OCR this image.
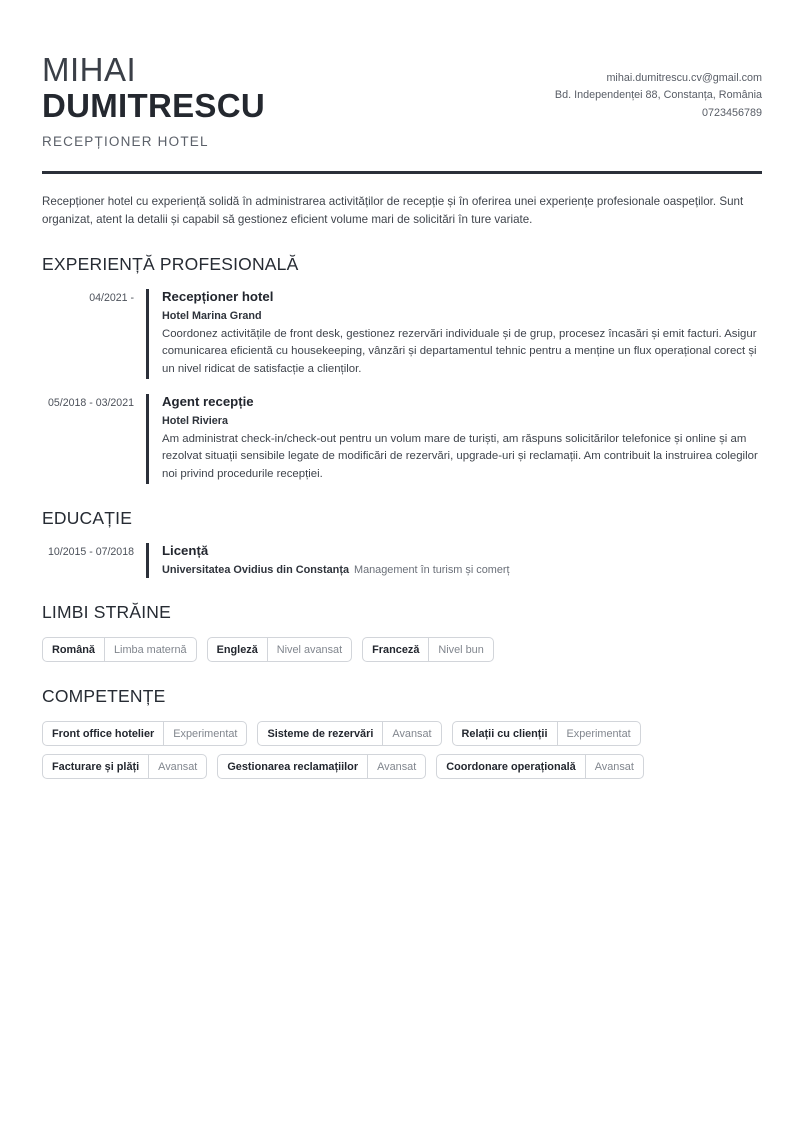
MIHAI
DUMITRESCU
RECEPȚIONER HOTEL
mihai.dumitrescu.cv@gmail.com
Bd. Independenței 88, Constanța, România
0723456789
Recepționer hotel cu experiență solidă în administrarea activităților de recepție și în oferirea unei experiențe profesionale oaspeților. Sunt organizat, atent la detalii și capabil să gestionez eficient volume mari de solicitări în ture variate.
EXPERIENȚĂ PROFESIONALĂ
04/2021 -	Recepționer hotel
Hotel Marina Grand
Coordonez activitățile de front desk, gestionez rezervări individuale și de grup, procesez încasări și emit facturi. Asigur comunicarea eficientă cu housekeeping, vânzări și departamentul tehnic pentru a menține un flux operațional corect și un nivel ridicat de satisfacție a clienților.
05/2018 - 03/2021	Agent recepție
Hotel Riviera
Am administrat check-in/check-out pentru un volum mare de turiști, am răspuns solicitărilor telefonice și online și am rezolvat situații sensibile legate de modificări de rezervări, upgrade-uri și reclamații. Am contribuit la instruirea colegilor noi privind procedurile recepției.
EDUCAȚIE
10/2015 - 07/2018	Licență
Universitatea Ovidius din Constanța Management în turism și comerț
LIMBI STRĂINE
Română	Limba maternă	Engleză	Nivel avansat	Franceză	Nivel bun
COMPETENȚE
Front office hotelier	Experimentat	Sisteme de rezervări	Avansat	Relații cu clienții	Experimentat
Facturare și plăți	Avansat	Gestionarea reclamațiilor	Avansat	Coordonare operațională	Avansat
